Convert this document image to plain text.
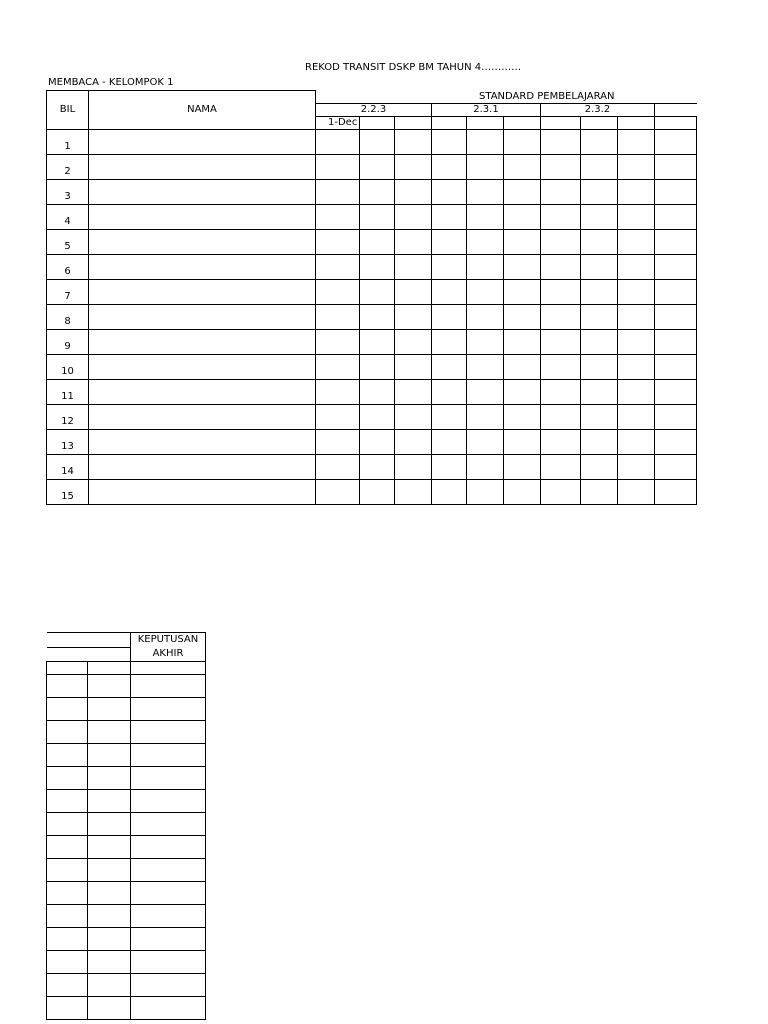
REKOD TRANSIT DSKP BM TAHUN 4…………
MEMBACA - KELOMPOK 1
BIL	NAMA	STANDARD PEMBELAJARAN									
		2.2.3			2.3.1			2.3.2			
		1-Dec									
1											
2											
3											
4											
5											
6											
7											
8											
9											
10											
11											
12											
13											
14											
15											
		KEPUTUSAN AKHIR
